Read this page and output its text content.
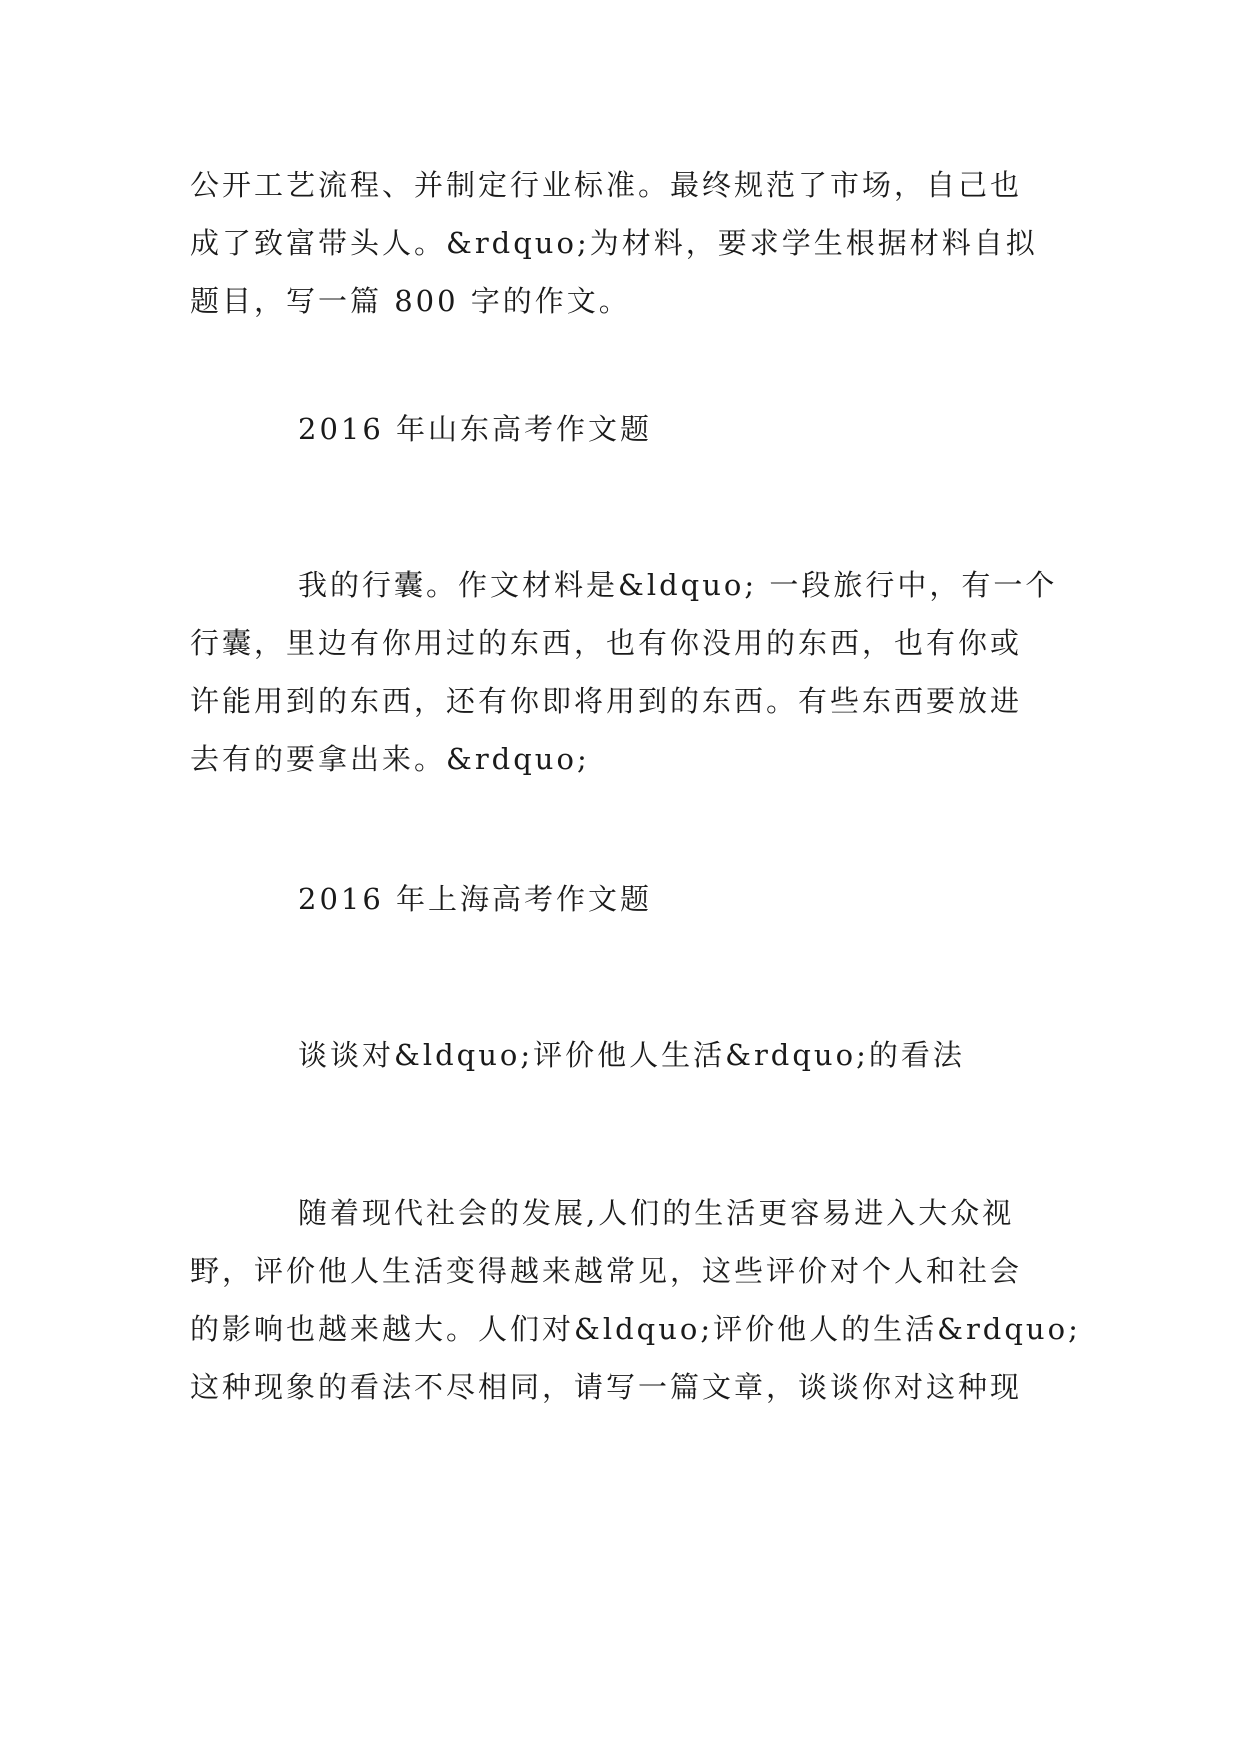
公开工艺流程、并制定行业标准。最终规范了市场，自己也
成了致富带头人。&rdquo;为材料，要求学生根据材料自拟
题目，写一篇 800 字的作文。

2016 年山东高考作文题

我的行囊。作文材料是&ldquo; 一段旅行中，有一个
行囊，里边有你用过的东西，也有你没用的东西，也有你或
许能用到的东西，还有你即将用到的东西。有些东西要放进
去有的要拿出来。&rdquo;

2016 年上海高考作文题
谈谈对&ldquo;评价他人生活&rdquo;的看法

随着现代社会的发展,人们的生活更容易进入大众视
野，评价他人生活变得越来越常见，这些评价对个人和社会
的影响也越来越大。人们对&ldquo;评价他人的生活&rdquo;
这种现象的看法不尽相同，请写一篇文章，谈谈你对这种现
